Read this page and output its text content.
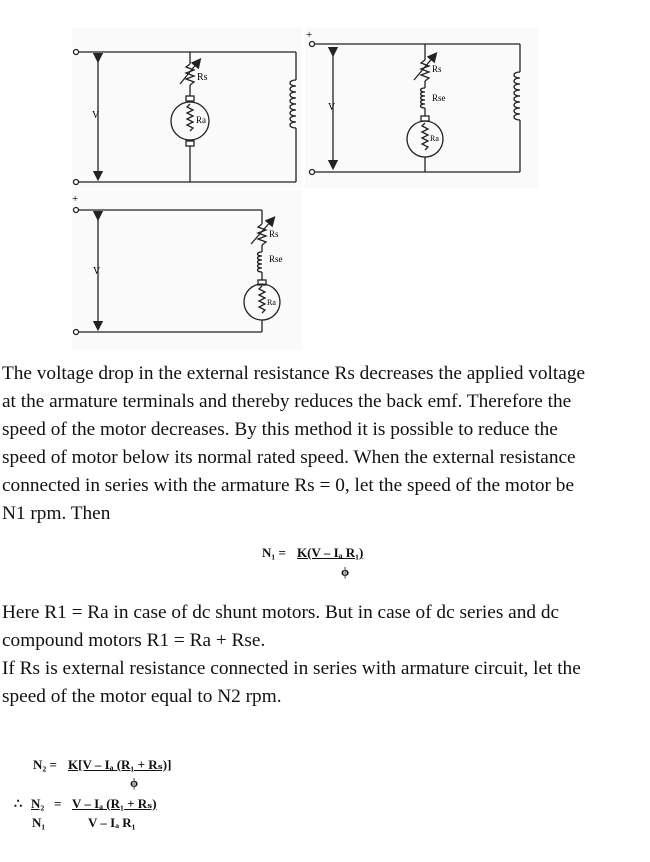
V
Rs
Ra
+
V
Rs
Rse
Ra
+
V
Rs
Rse
Ra
The voltage drop in the external resistance Rs decreases the applied voltage
at the armature terminals and thereby reduces the back emf. Therefore the
speed of the motor decreases. By this method it is possible to reduce the
speed of motor below its normal rated speed. When the external resistance
connected in series with the armature Rs = 0, let the speed of the motor be
N1 rpm. Then
N₁ = K(V – Iₐ R₁)
ϕ
Here R1 = Ra in case of dc shunt motors. But in case of dc series and dc
compound motors R1 = Ra + Rse.
If Rs is external resistance connected in series with armature circuit, let the
speed of the motor equal to N2 rpm.
N₂ = K[V – Iₐ (R₁ + Rₛ)]
ϕ
∴ N₂
N₁
= V – Iₐ (R₁ + Rₛ)
V – Iₐ R₁
